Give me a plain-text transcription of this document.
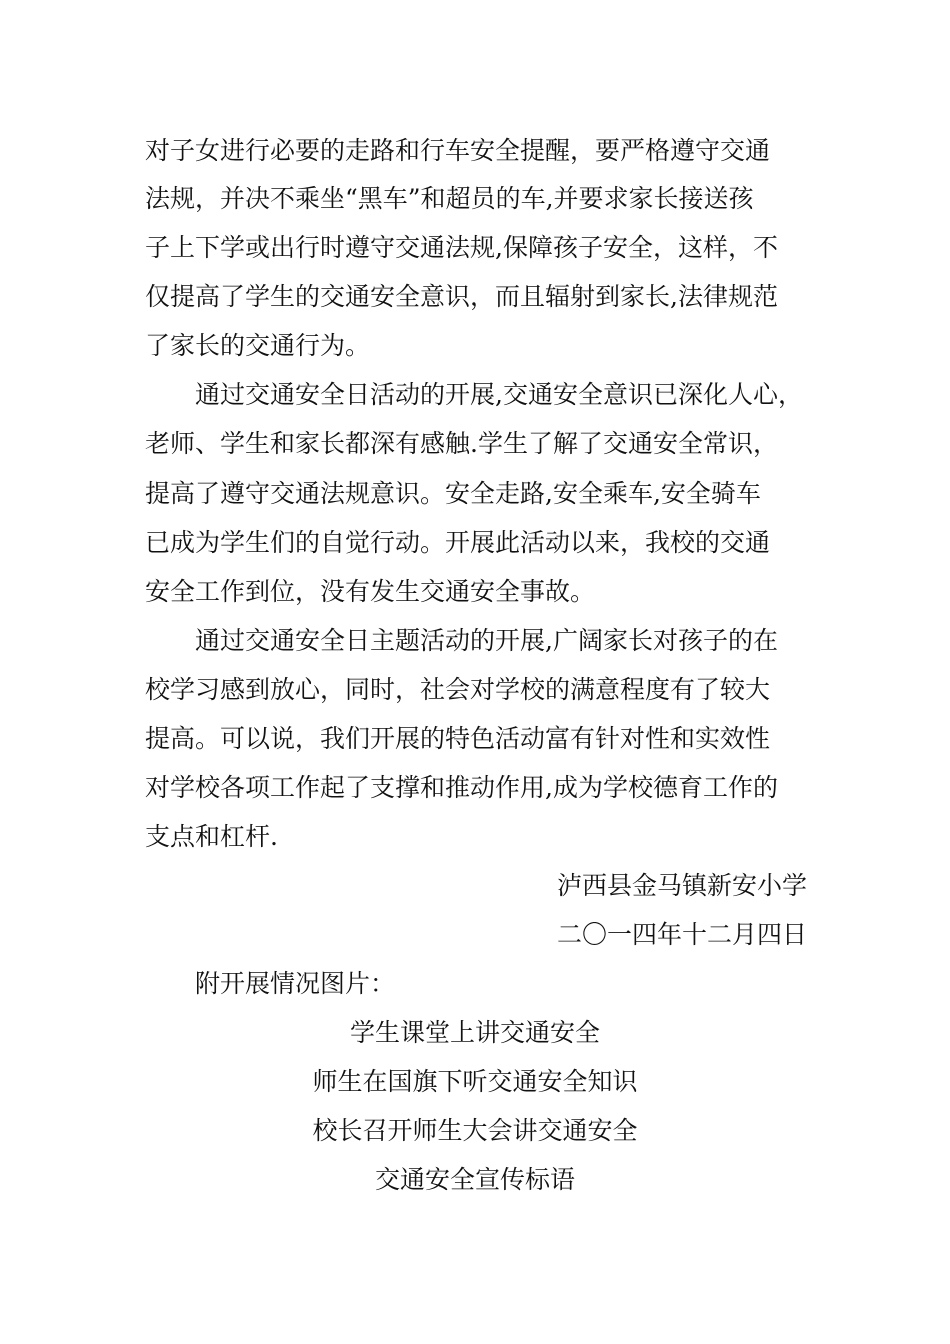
对子女进行必要的走路和行车安全提醒，要严格遵守交通
法规，并决不乘坐“黑车”和超员的车,并要求家长接送孩
子上下学或出行时遵守交通法规,保障孩子安全，这样，不
仅提高了学生的交通安全意识，而且辐射到家长,法律规范
了家长的交通行为。
通过交通安全日活动的开展,交通安全意识已深化人心，
老师、学生和家长都深有感触.学生了解了交通安全常识，
提高了遵守交通法规意识。安全走路,安全乘车,安全骑车
已成为学生们的自觉行动。开展此活动以来，我校的交通
安全工作到位，没有发生交通安全事故。
通过交通安全日主题活动的开展,广阔家长对孩子的在
校学习感到放心，同时，社会对学校的满意程度有了较大
提高。可以说，我们开展的特色活动富有针对性和实效性
对学校各项工作起了支撑和推动作用,成为学校德育工作的
支点和杠杆.
泸西县金马镇新安小学
二〇一四年十二月四日
附开展情况图片：
学生课堂上讲交通安全
师生在国旗下听交通安全知识
校长召开师生大会讲交通安全
交通安全宣传标语
